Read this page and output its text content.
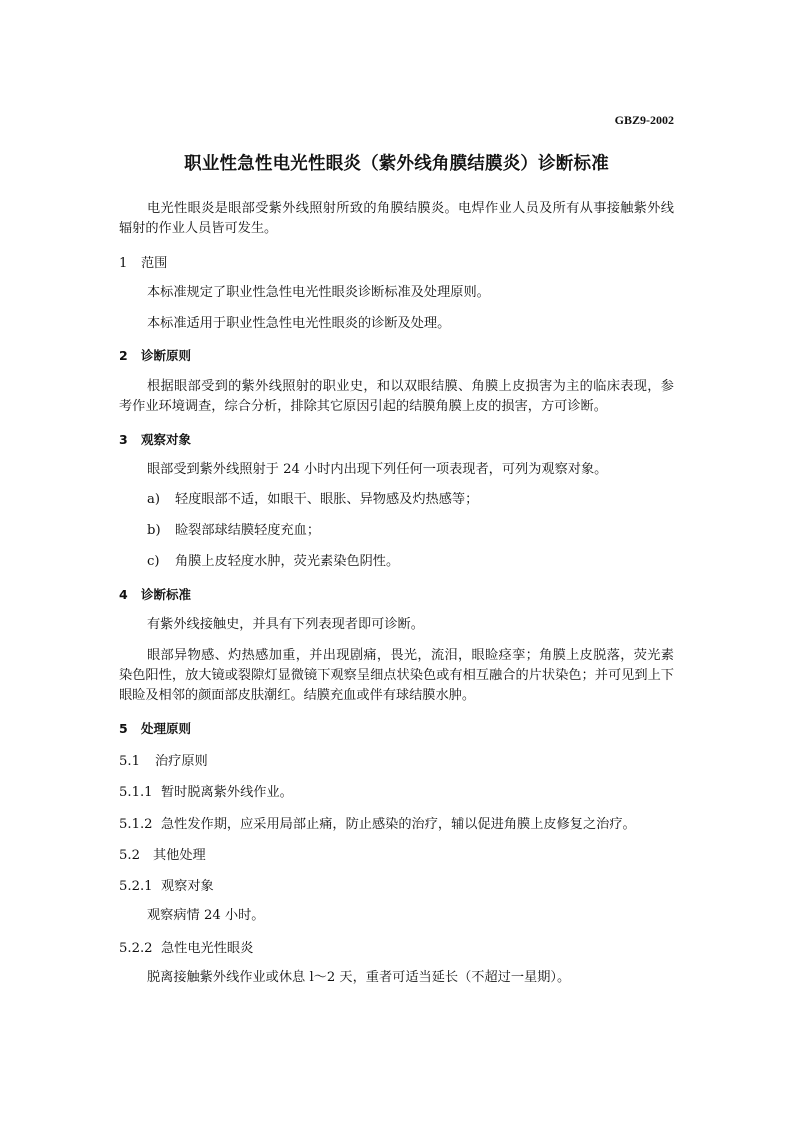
GBZ9-2002
职业性急性电光性眼炎（紫外线角膜结膜炎）诊断标准
电光性眼炎是眼部受紫外线照射所致的角膜结膜炎。电焊作业人员及所有从事接触紫外线辐射的作业人员皆可发生。
1 范围
本标准规定了职业性急性电光性眼炎诊断标准及处理原则。
本标准适用于职业性急性电光性眼炎的诊断及处理。
2 诊断原则
根据眼部受到的紫外线照射的职业史，和以双眼结膜、角膜上皮损害为主的临床表现，参考作业环境调查，综合分析，排除其它原因引起的结膜角膜上皮的损害，方可诊断。
3 观察对象
眼部受到紫外线照射于 24 小时内出现下列任何一项表现者，可列为观察对象。
a) 轻度眼部不适，如眼干、眼胀、异物感及灼热感等；
b) 睑裂部球结膜轻度充血；
c) 角膜上皮轻度水肿，荧光素染色阴性。
4 诊断标准
有紫外线接触史，并具有下列表现者即可诊断。
眼部异物感、灼热感加重，并出现剧痛，畏光，流泪，眼睑痉挛；角膜上皮脱落，荧光素染色阳性，放大镜或裂隙灯显微镜下观察呈细点状染色或有相互融合的片状染色；并可见到上下眼睑及相邻的颜面部皮肤潮红。结膜充血或伴有球结膜水肿。
5 处理原则
5.1 治疗原则
5.1.1 暂时脱离紫外线作业。
5.1.2 急性发作期，应采用局部止痛，防止感染的治疗，辅以促进角膜上皮修复之治疗。
5.2 其他处理
5.2.1 观察对象
观察病情 24 小时。
5.2.2 急性电光性眼炎
脱离接触紫外线作业或休息 l～2 天，重者可适当延长（不超过一星期）。
